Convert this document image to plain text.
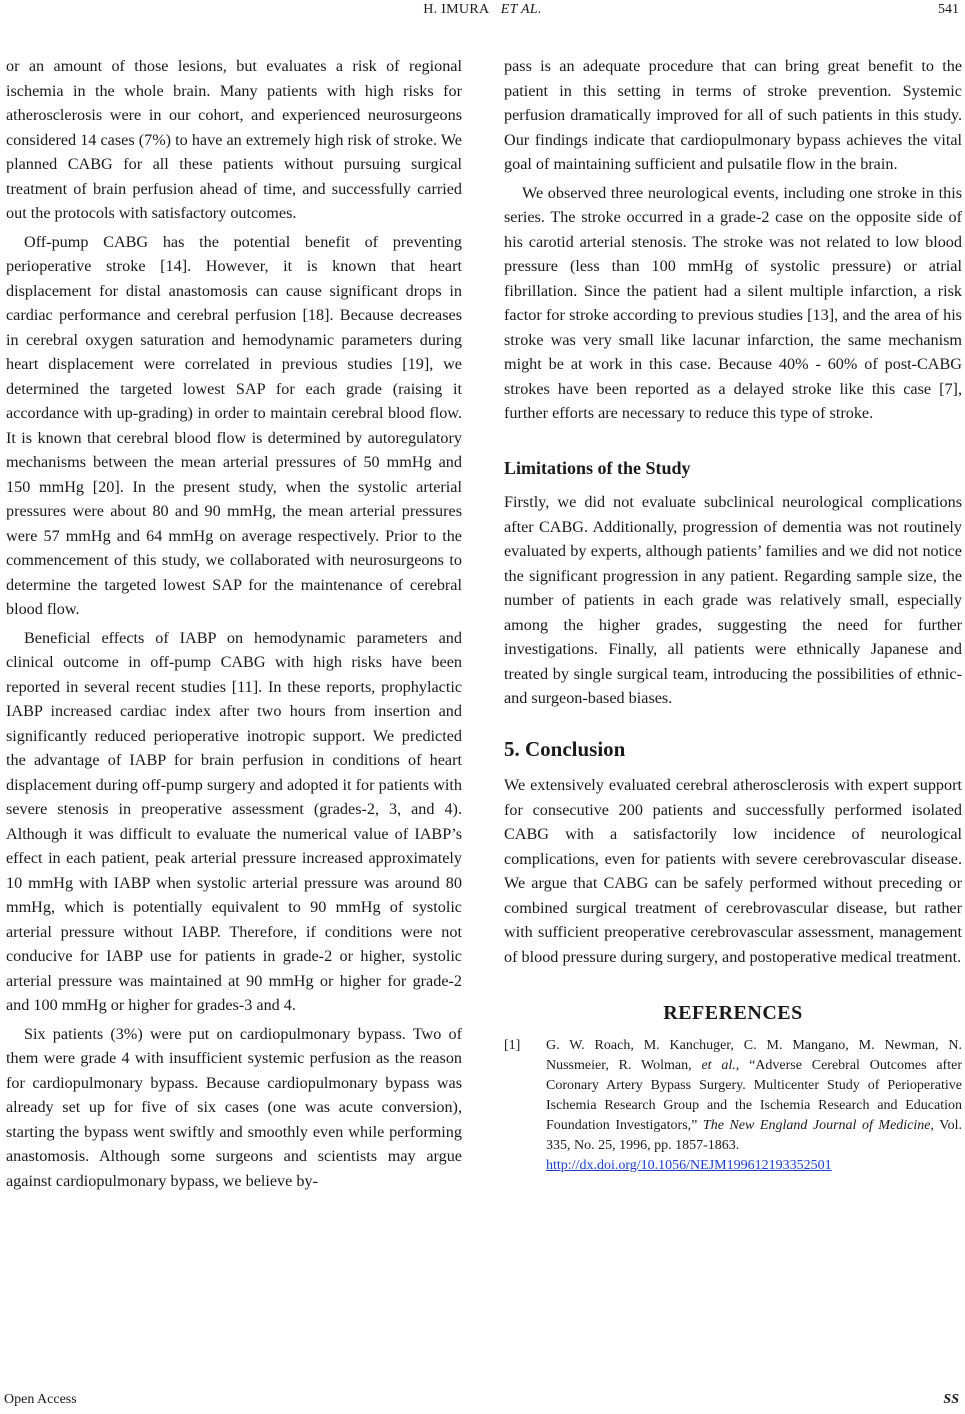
H. IMURA ET AL.	541

or an amount of those lesions, but evaluates a risk of regional ischemia in the whole brain. Many patients with high risks for atherosclerosis were in our cohort, and experienced neurosurgeons considered 14 cases (7%) to have an extremely high risk of stroke. We planned CABG for all these patients without pursuing surgical treatment of brain perfusion ahead of time, and successfully carried out the protocols with satisfactory outcomes.

Off-pump CABG has the potential benefit of preventing perioperative stroke [14]. However, it is known that heart displacement for distal anastomosis can cause significant drops in cardiac performance and cerebral perfusion [18]. Because decreases in cerebral oxygen saturation and hemodynamic parameters during heart displacement were correlated in previous studies [19], we determined the targeted lowest SAP for each grade (raising it accordance with up-grading) in order to maintain cerebral blood flow. It is known that cerebral blood flow is determined by autoregulatory mechanisms between the mean arterial pressures of 50 mmHg and 150 mmHg [20]. In the present study, when the systolic arterial pressures were about 80 and 90 mmHg, the mean arterial pressures were 57 mmHg and 64 mmHg on average respectively. Prior to the commencement of this study, we collaborated with neurosurgeons to determine the targeted lowest SAP for the maintenance of cerebral blood flow.

Beneficial effects of IABP on hemodynamic parameters and clinical outcome in off-pump CABG with high risks have been reported in several recent studies [11]. In these reports, prophylactic IABP increased cardiac index after two hours from insertion and significantly reduced perioperative inotropic support. We predicted the advantage of IABP for brain perfusion in conditions of heart displacement during off-pump surgery and adopted it for patients with severe stenosis in preoperative assessment (grades-2, 3, and 4). Although it was difficult to evaluate the numerical value of IABP’s effect in each patient, peak arterial pressure increased approximately 10 mmHg with IABP when systolic arterial pressure was around 80 mmHg, which is potentially equivalent to 90 mmHg of systolic arterial pressure without IABP. Therefore, if conditions were not conducive for IABP use for patients in grade-2 or higher, systolic arterial pressure was maintained at 90 mmHg or higher for grade-2 and 100 mmHg or higher for grades-3 and 4.

Six patients (3%) were put on cardiopulmonary bypass. Two of them were grade 4 with insufficient systemic perfusion as the reason for cardiopulmonary bypass. Because cardiopulmonary bypass was already set up for five of six cases (one was acute conversion), starting the bypass went swiftly and smoothly even while performing anastomosis. Although some surgeons and scientists may argue against cardiopulmonary bypass, we believe by-

pass is an adequate procedure that can bring great benefit to the patient in this setting in terms of stroke prevention. Systemic perfusion dramatically improved for all of such patients in this study. Our findings indicate that cardiopulmonary bypass achieves the vital goal of maintaining sufficient and pulsatile flow in the brain.

We observed three neurological events, including one stroke in this series. The stroke occurred in a grade-2 case on the opposite side of his carotid arterial stenosis. The stroke was not related to low blood pressure (less than 100 mmHg of systolic pressure) or atrial fibrillation. Since the patient had a silent multiple infarction, a risk factor for stroke according to previous studies [13], and the area of his stroke was very small like lacunar infarction, the same mechanism might be at work in this case. Because 40% - 60% of post-CABG strokes have been reported as a delayed stroke like this case [7], further efforts are necessary to reduce this type of stroke.

Limitations of the Study

Firstly, we did not evaluate subclinical neurological complications after CABG. Additionally, progression of dementia was not routinely evaluated by experts, although patients’ families and we did not notice the significant progression in any patient. Regarding sample size, the number of patients in each grade was relatively small, especially among the higher grades, suggesting the need for further investigations. Finally, all patients were ethnically Japanese and treated by single surgical team, introducing the possibilities of ethnic-and surgeon-based biases.

5. Conclusion

We extensively evaluated cerebral atherosclerosis with expert support for consecutive 200 patients and successfully performed isolated CABG with a satisfactorily low incidence of neurological complications, even for patients with severe cerebrovascular disease. We argue that CABG can be safely performed without preceding or combined surgical treatment of cerebrovascular disease, but rather with sufficient preoperative cerebrovascular assessment, management of blood pressure during surgery, and postoperative medical treatment.

REFERENCES
[1]	G. W. Roach, M. Kanchuger, C. M. Mangano, M. Newman, N. Nussmeier, R. Wolman, et al., “Adverse Cerebral Outcomes after Coronary Artery Bypass Surgery. Multicenter Study of Perioperative Ischemia Research Group and the Ischemia Research and Education Foundation Investigators,” The New England Journal of Medicine, Vol. 335, No. 25, 1996, pp. 1857-1863.
http://dx.doi.org/10.1056/NEJM199612193352501
Open Access	SS
